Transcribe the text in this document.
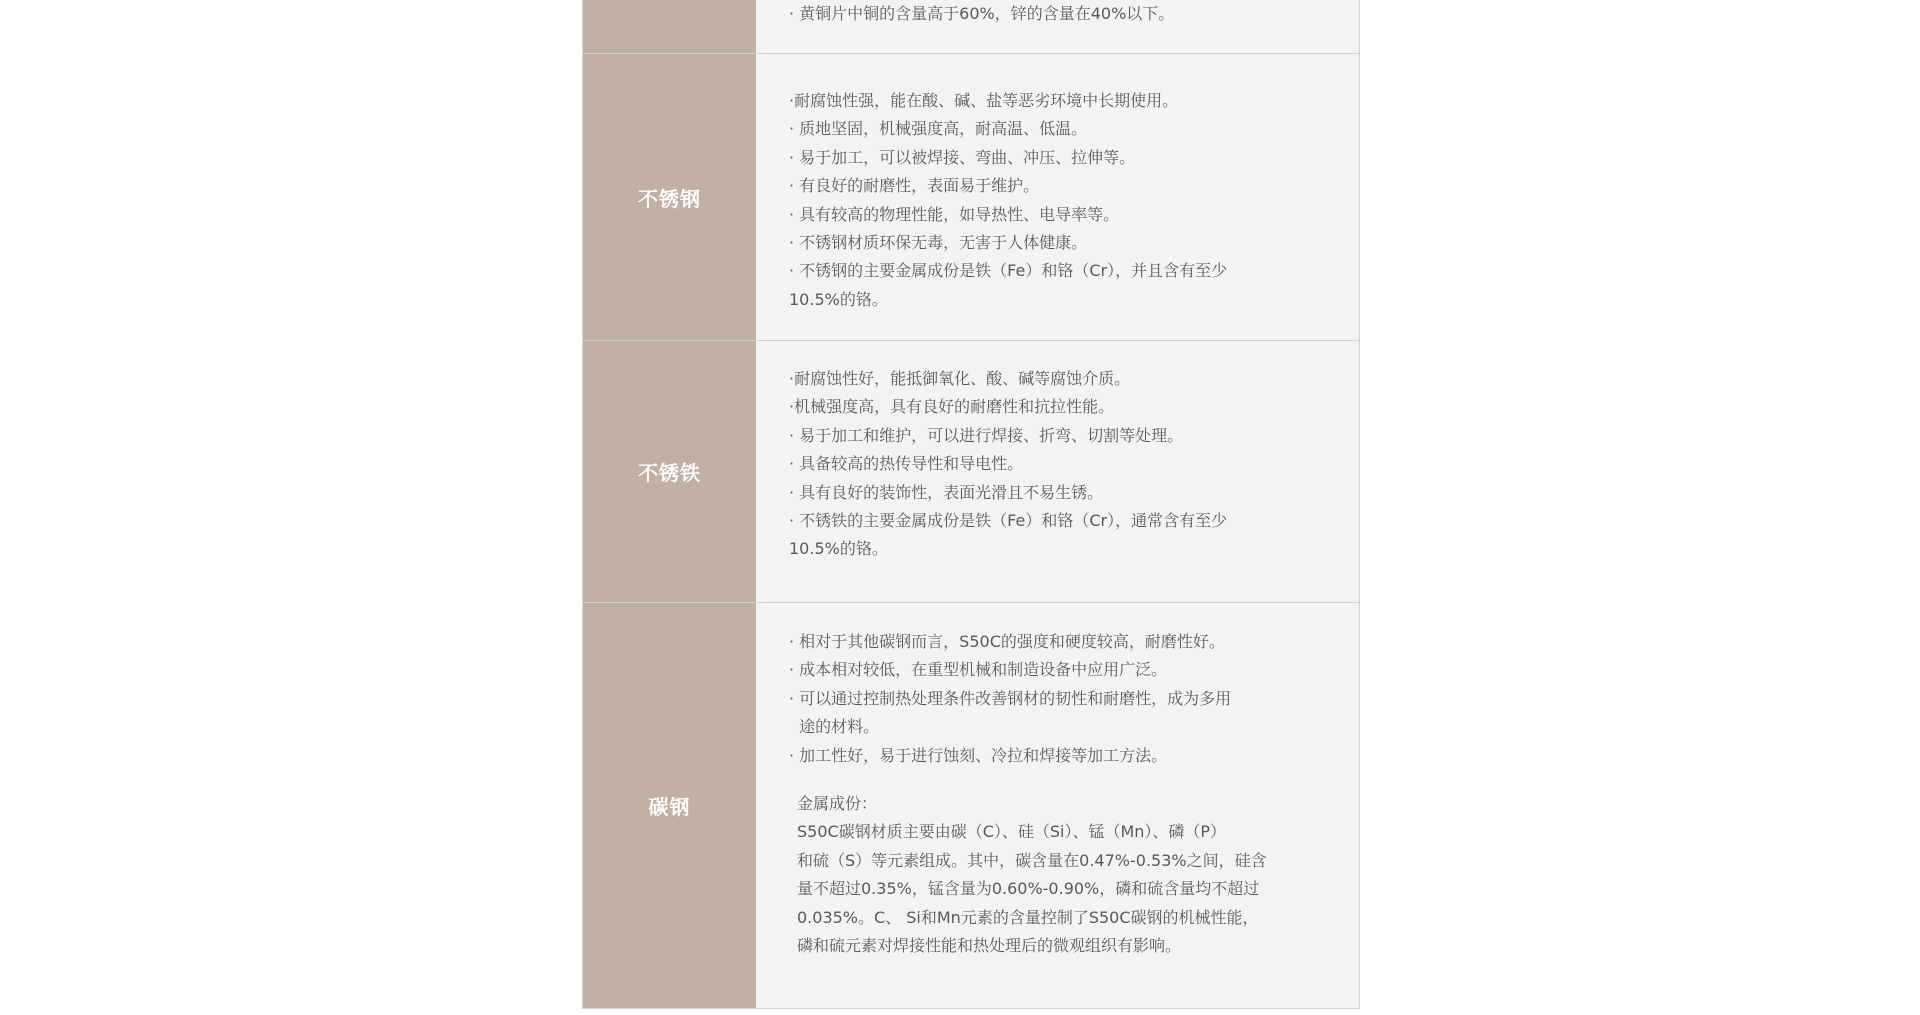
· 黄铜片中铜的含量高于60%，锌的含量在40%以下。
不锈钢
·耐腐蚀性强，能在酸、碱、盐等恶劣环境中长期使用。
· 质地坚固，机械强度高，耐高温、低温。
· 易于加工，可以被焊接、弯曲、冲压、拉伸等。
· 有良好的耐磨性，表面易于维护。
· 具有较高的物理性能，如导热性、电导率等。
· 不锈钢材质环保无毒，无害于人体健康。
· 不锈钢的主要金属成份是铁（Fe）和铬（Cr），并且含有至少
10.5%的铬。
不锈铁
·耐腐蚀性好，能抵御氧化、酸、碱等腐蚀介质。
·机械强度高，具有良好的耐磨性和抗拉性能。
· 易于加工和维护，可以进行焊接、折弯、切割等处理。
· 具备较高的热传导性和导电性。
· 具有良好的装饰性，表面光滑且不易生锈。
· 不锈铁的主要金属成份是铁（Fe）和铬（Cr），通常含有至少
10.5%的铬。
碳钢
· 相对于其他碳钢而言，S50C的强度和硬度较高，耐磨性好。
· 成本相对较低，在重型机械和制造设备中应用广泛。
· 可以通过控制热处理条件改善钢材的韧性和耐磨性，成为多用
途的材料。
· 加工性好，易于进行蚀刻、冷拉和焊接等加工方法。
金属成份：
S50C碳钢材质主要由碳（C）、硅（Si）、锰（Mn）、磷（P）
和硫（S）等元素组成。其中，碳含量在0.47%-0.53%之间，硅含
量不超过0.35%，锰含量为0.60%-0.90%，磷和硫含量均不超过
0.035%。C、 Si和Mn元素的含量控制了S50C碳钢的机械性能，
磷和硫元素对焊接性能和热处理后的微观组织有影响。
